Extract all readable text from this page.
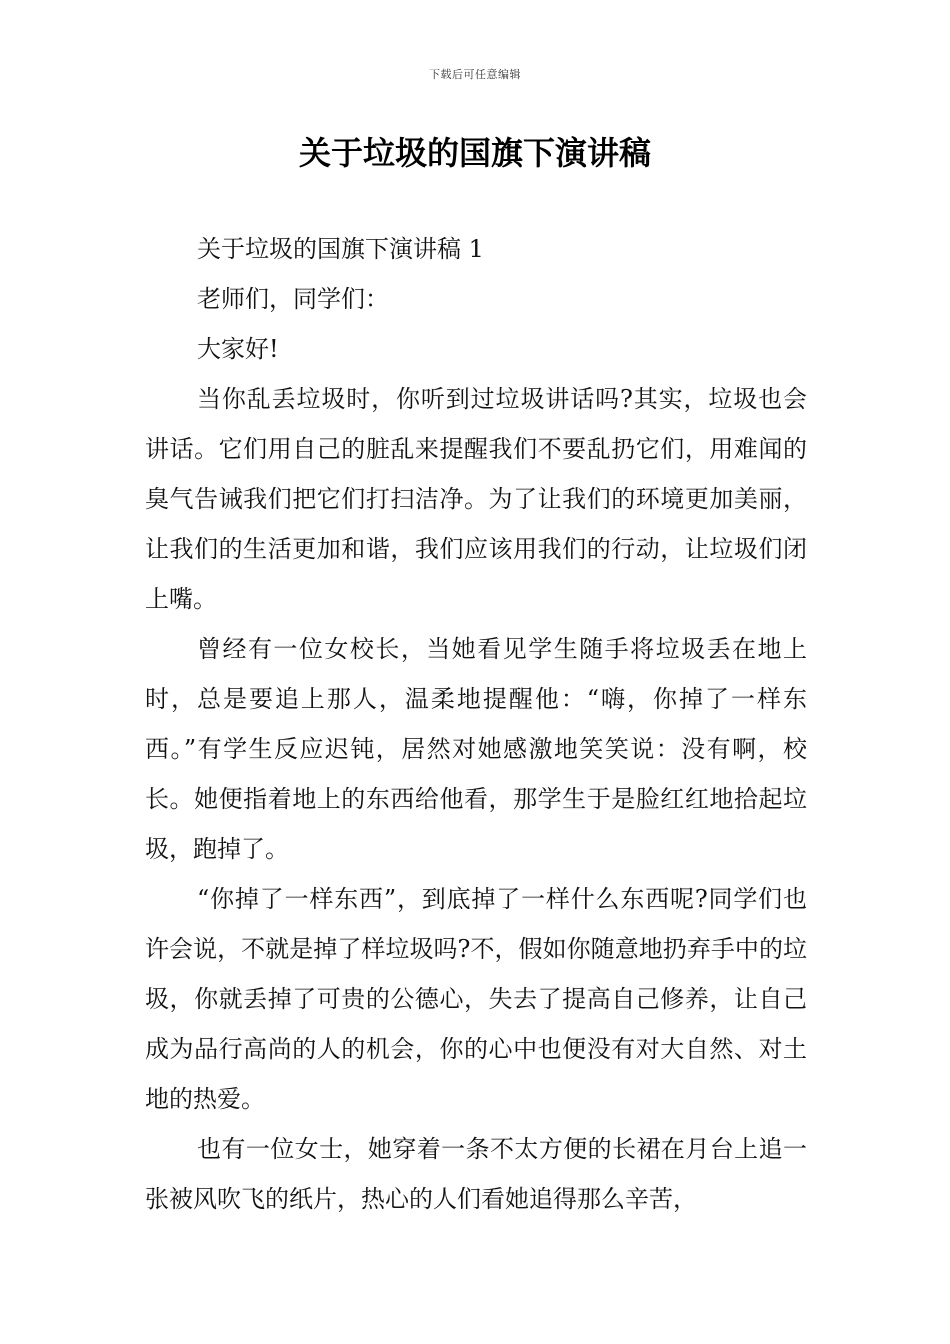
下载后可任意编辑
关于垃圾的国旗下演讲稿
关于垃圾的国旗下演讲稿 1
老师们，同学们：
大家好!

当你乱丢垃圾时，你听到过垃圾讲话吗?其实，垃圾也会讲话。它们用自己的脏乱来提醒我们不要乱扔它们，用难闻的臭气告诫我们把它们打扫洁净。为了让我们的环境更加美丽，让我们的生活更加和谐，我们应该用我们的行动，让垃圾们闭上嘴。

曾经有一位女校长，当她看见学生随手将垃圾丢在地上时，总是要追上那人，温柔地提醒他：“嗨，你掉了一样东西。”有学生反应迟钝，居然对她感激地笑笑说：没有啊，校长。她便指着地上的东西给他看，那学生于是脸红红地拾起垃圾，跑掉了。

“你掉了一样东西”，到底掉了一样什么东西呢?同学们也许会说，不就是掉了样垃圾吗?不，假如你随意地扔弃手中的垃圾，你就丢掉了可贵的公德心，失去了提高自己修养，让自己成为品行高尚的人的机会，你的心中也便没有对大自然、对土地的热爱。

也有一位女士，她穿着一条不太方便的长裙在月台上追一张被风吹飞的纸片，热心的人们看她追得那么辛苦，
